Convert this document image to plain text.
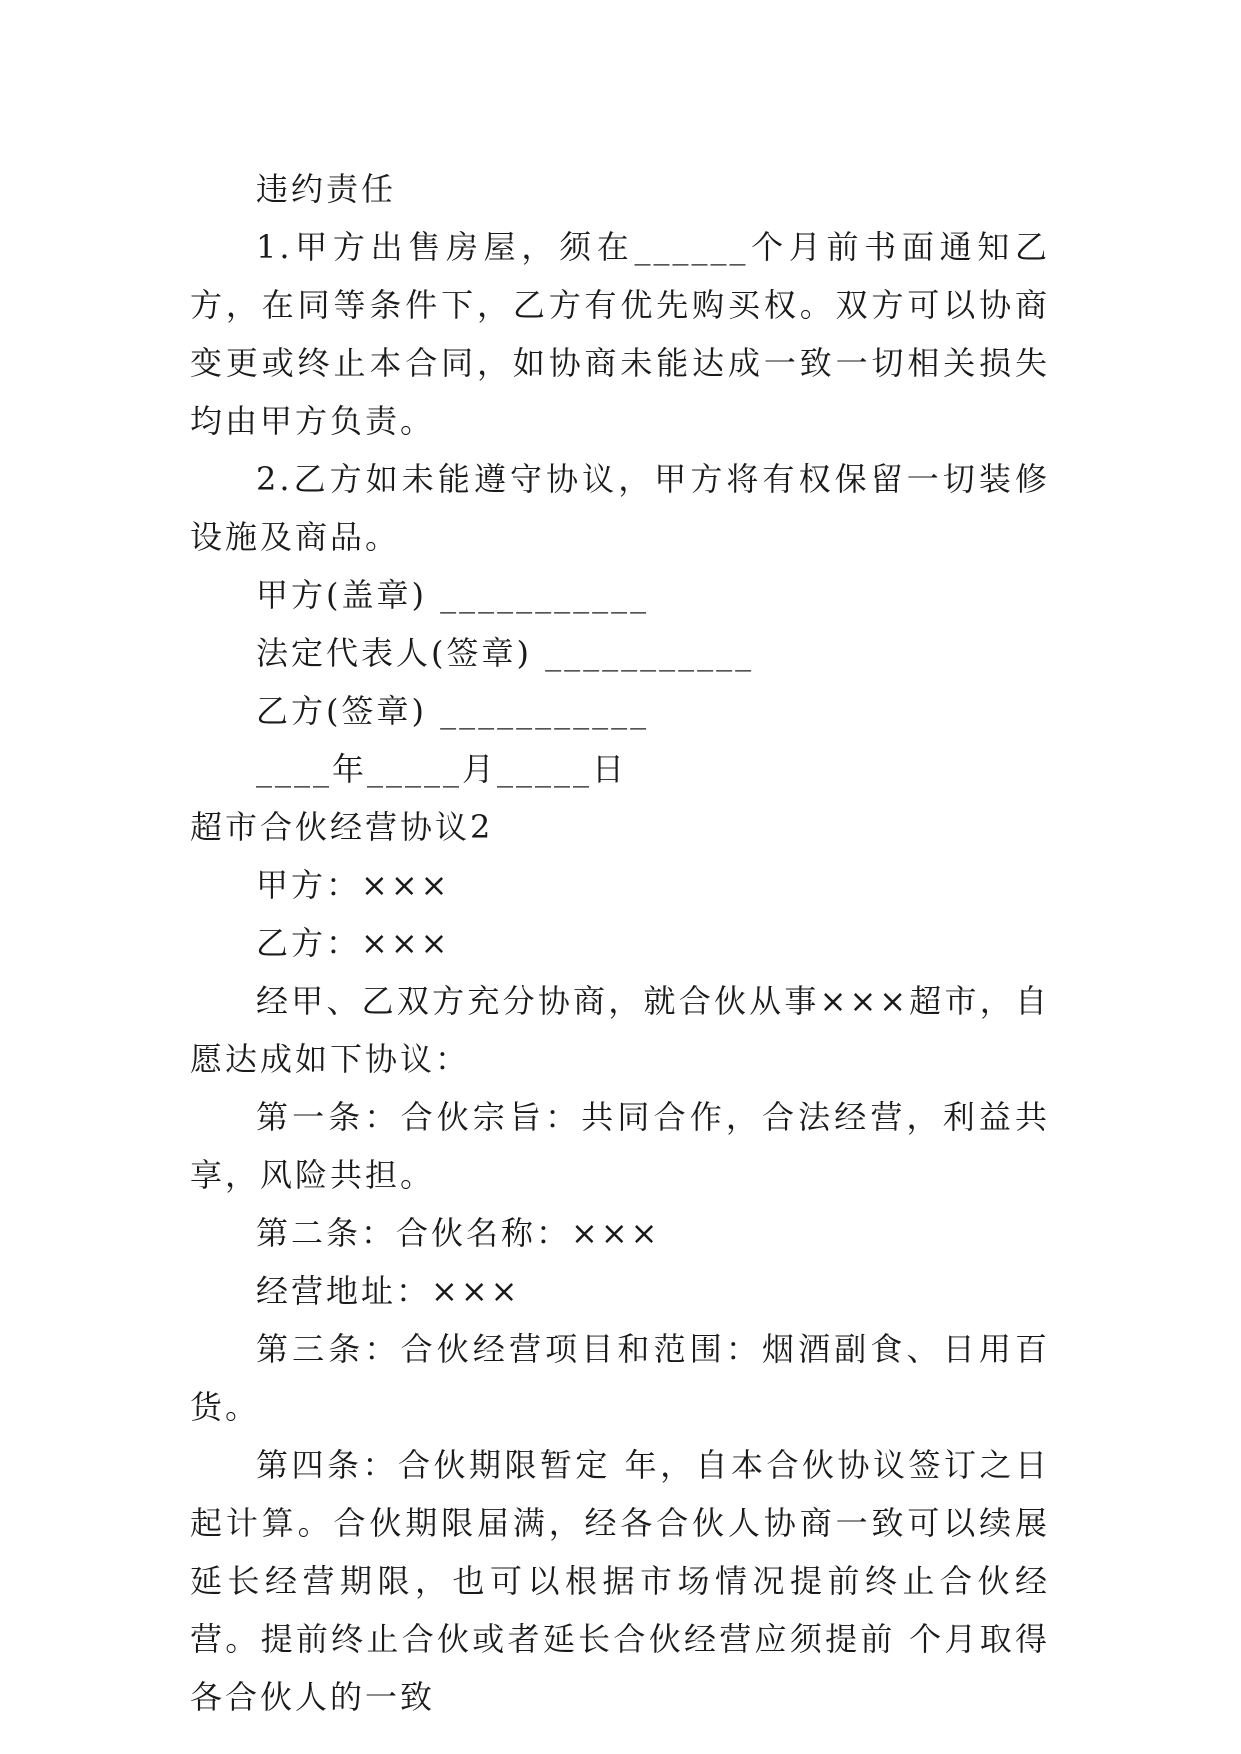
违约责任

1.甲方出售房屋，须在______个月前书面通知乙方，在同等条件下，乙方有优先购买权。双方可以协商变更或终止本合同，如协商未能达成一致一切相关损失均由甲方负责。

2.乙方如未能遵守协议，甲方将有权保留一切装修设施及商品。

甲方(盖章) ___________

法定代表人(签章) ___________

乙方(签章) ___________

____年_____月_____日

超市合伙经营协议2

甲方：×××

乙方：×××

经甲、乙双方充分协商，就合伙从事×××超市，自愿达成如下协议：

第一条：合伙宗旨：共同合作，合法经营，利益共享，风险共担。

第二条：合伙名称：×××

经营地址：×××

第三条：合伙经营项目和范围：烟酒副食、日用百货。

第四条：合伙期限暂定 年，自本合伙协议签订之日起计算。合伙期限届满，经各合伙人协商一致可以续展延长经营期限，也可以根据市场情况提前终止合伙经营。提前终止合伙或者延长合伙经营应须提前 个月取得各合伙人的一致
